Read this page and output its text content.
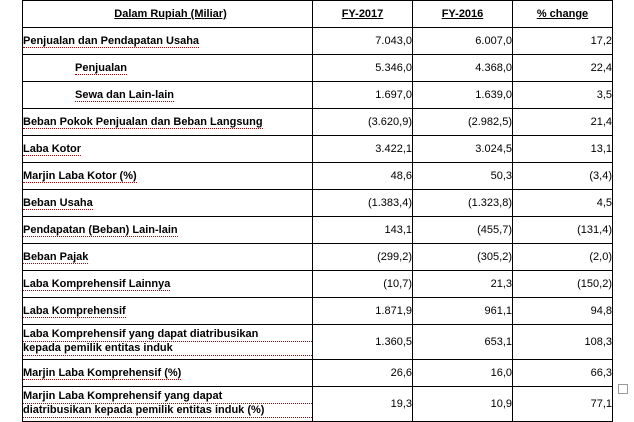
Dalam Rupiah (Miliar)	FY-2017	FY-2016	% change
Penjualan dan Pendapatan Usaha	7.043,0	6.007,0	17,2
Penjualan	5.346,0	4.368,0	22,4
Sewa dan Lain-lain	1.697,0	1.639,0	3,5
Beban Pokok Penjualan dan Beban Langsung	(3.620,9)	(2.982,5)	21,4
Laba Kotor	3.422,1	3.024,5	13,1
Marjin Laba Kotor (%)	48,6	50,3	(3,4)
Beban Usaha	(1.383,4)	(1.323,8)	4,5
Pendapatan (Beban) Lain-lain	143,1	(455,7)	(131,4)
Beban Pajak	(299,2)	(305,2)	(2,0)
Laba Komprehensif Lainnya	(10,7)	21,3	(150,2)
Laba Komprehensif	1.871,9	961,1	94,8

Laba Komprehensif yang dapat diatribusikan
kepada pemilik entitas induk	1.360,5	653,1	108,3
Marjin Laba Komprehensif (%)	26,6	16,0	66,3

Marjin Laba Komprehensif yang dapat
diatribusikan kepada pemilik entitas induk (%)	19,3	10,9	77,1
